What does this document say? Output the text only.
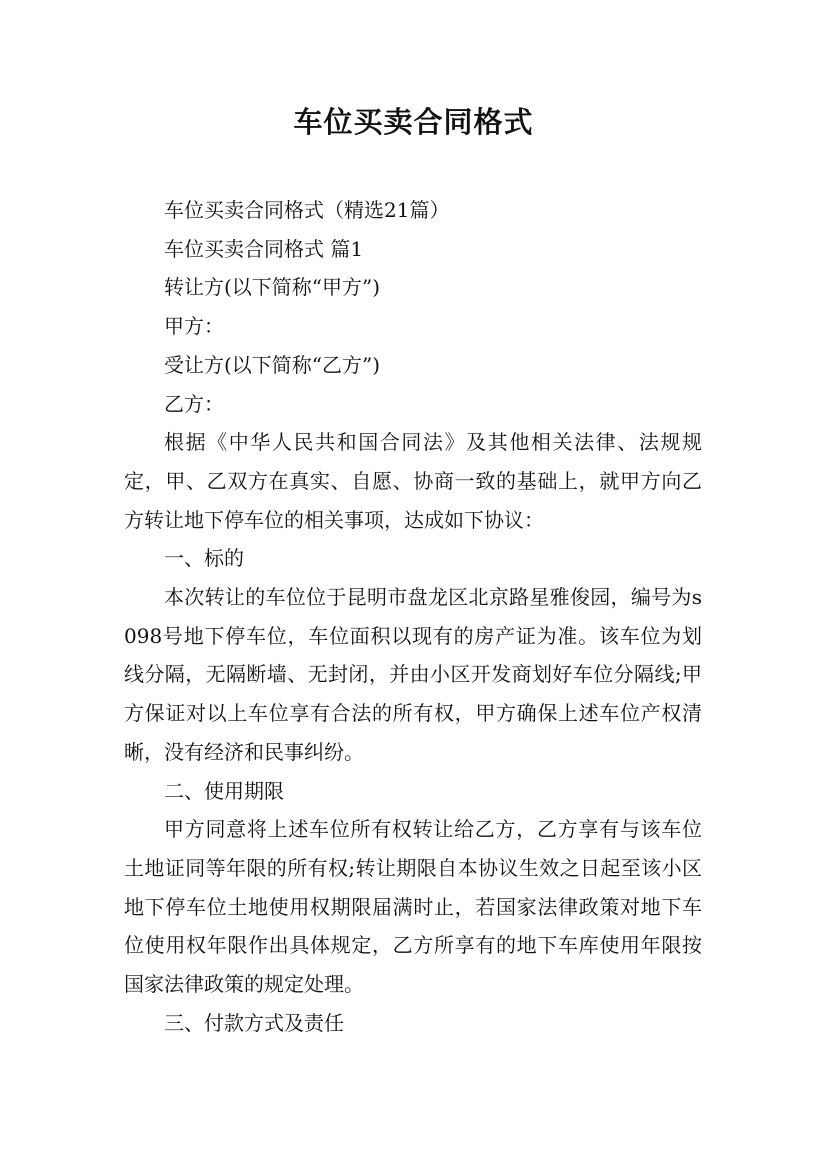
车位买卖合同格式

车位买卖合同格式（精选21篇）

车位买卖合同格式 篇1

转让方(以下简称“甲方”)

甲方：

受让方(以下简称“乙方”)

乙方：

根据《中华人民共和国合同法》及其他相关法律、法规规定，甲、乙双方在真实、自愿、协商一致的基础上，就甲方向乙方转让地下停车位的相关事项，达成如下协议：

一、标的

本次转让的车位位于昆明市盘龙区北京路星雅俊园，编号为s098号地下停车位，车位面积以现有的房产证为准。该车位为划线分隔，无隔断墙、无封闭，并由小区开发商划好车位分隔线;甲方保证对以上车位享有合法的所有权，甲方确保上述车位产权清晰，没有经济和民事纠纷。

二、使用期限

甲方同意将上述车位所有权转让给乙方，乙方享有与该车位土地证同等年限的所有权;转让期限自本协议生效之日起至该小区地下停车位土地使用权期限届满时止，若国家法律政策对地下车位使用权年限作出具体规定，乙方所享有的地下车库使用年限按国家法律政策的规定处理。

三、付款方式及责任
